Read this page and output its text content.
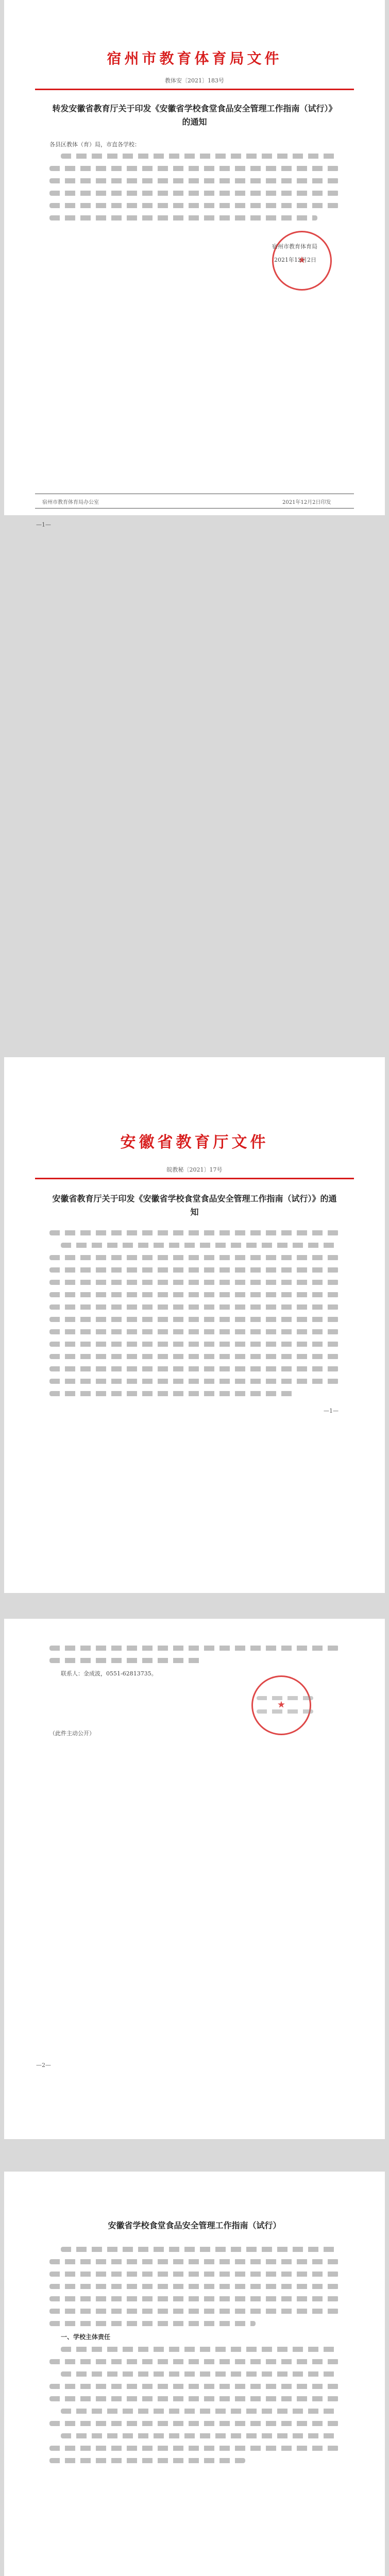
宿州市教育体育局文件
教体安〔2021〕183号
转发安徽省教育厅关于印发《安徽省学校食堂食品安全管理工作指南（试行）》的通知
各县区教体（育）局，市直各学校：
★
宿州市教育体育局
2021年12月2日
宿州市教育体育局办公室	2021年12月2日印发
—1—
安徽省教育厅文件
皖教秘〔2021〕17号
安徽省教育厅关于印发《安徽省学校食堂食品安全管理工作指南（试行）》的通知
—1—
联系人：金成波，0551-62813735。
★
（此件主动公开）
—2—
安徽省学校食堂食品安全管理工作指南（试行）
一、学校主体责任
